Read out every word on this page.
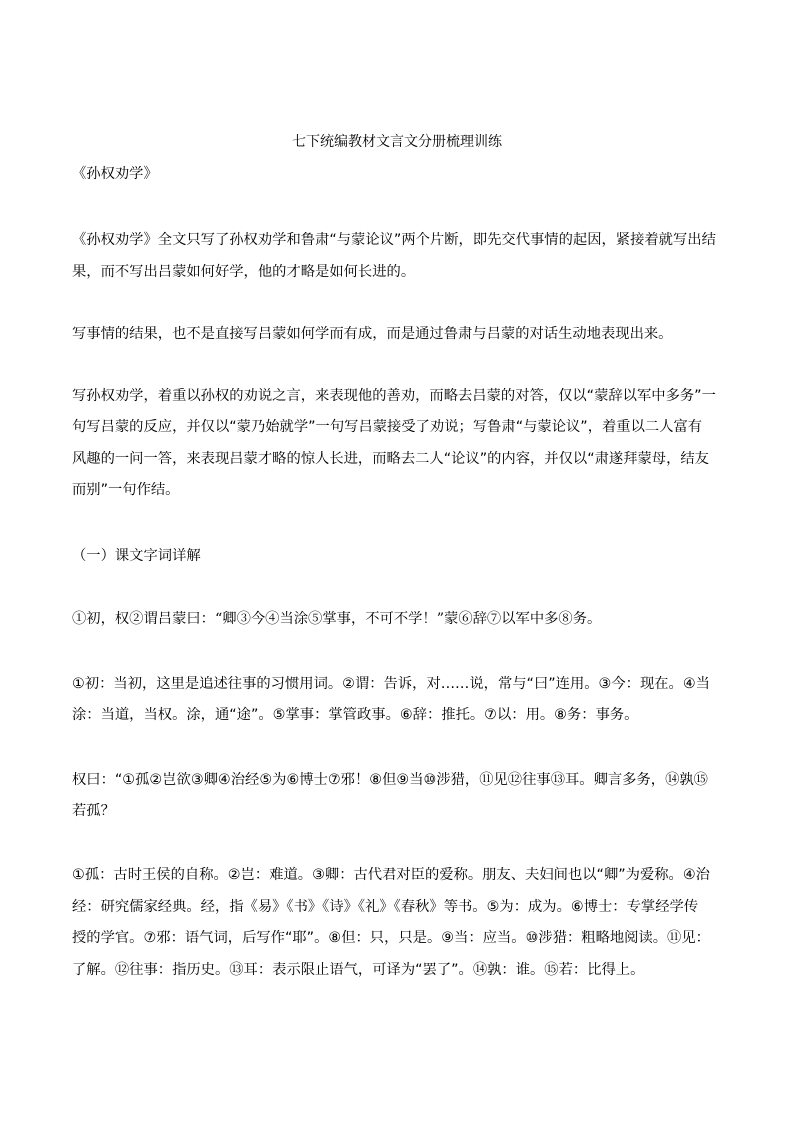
七下统编教材文言文分册梳理训练
《孙权劝学》
《孙权劝学》全文只写了孙权劝学和鲁肃“与蒙论议”两个片断，即先交代事情的起因，紧接着就写出结
果，而不写出吕蒙如何好学，他的才略是如何长进的。
写事情的结果，也不是直接写吕蒙如何学而有成，而是通过鲁肃与吕蒙的对话生动地表现出来。
写孙权劝学，着重以孙权的劝说之言，来表现他的善劝，而略去吕蒙的对答，仅以“蒙辞以军中多务”一
句写吕蒙的反应，并仅以“蒙乃始就学”一句写吕蒙接受了劝说；写鲁肃“与蒙论议”，着重以二人富有
风趣的一问一答，来表现吕蒙才略的惊人长进，而略去二人“论议”的内容，并仅以“肃遂拜蒙母，结友
而别”一句作结。
（一）课文字词详解
①初，权②谓吕蒙曰：“卿③今④当涂⑤掌事，不可不学！”蒙⑥辞⑦以军中多⑧务。
①初：当初，这里是追述往事的习惯用词。②谓：告诉，对……说，常与“曰”连用。③今：现在。④当
涂：当道，当权。涂，通“途”。⑤掌事：掌管政事。⑥辞：推托。⑦以：用。⑧务：事务。
权曰：“①孤②岂欲③卿④治经⑤为⑥博士⑦邪！⑧但⑨当⑩涉猎，⑪见⑫往事⑬耳。卿言多务，⑭孰⑮
若孤？
①孤：古时王侯的自称。②岂：难道。③卿：古代君对臣的爱称。朋友、夫妇间也以“卿”为爱称。④治
经：研究儒家经典。经，指《易》《书》《诗》《礼》《春秋》等书。⑤为：成为。⑥博士：专掌经学传
授的学官。⑦邪：语气词，后写作“耶”。⑧但：只，只是。⑨当：应当。⑩涉猎：粗略地阅读。⑪见：
了解。⑫往事：指历史。⑬耳：表示限止语气，可译为“罢了”。⑭孰：谁。⑮若：比得上。
